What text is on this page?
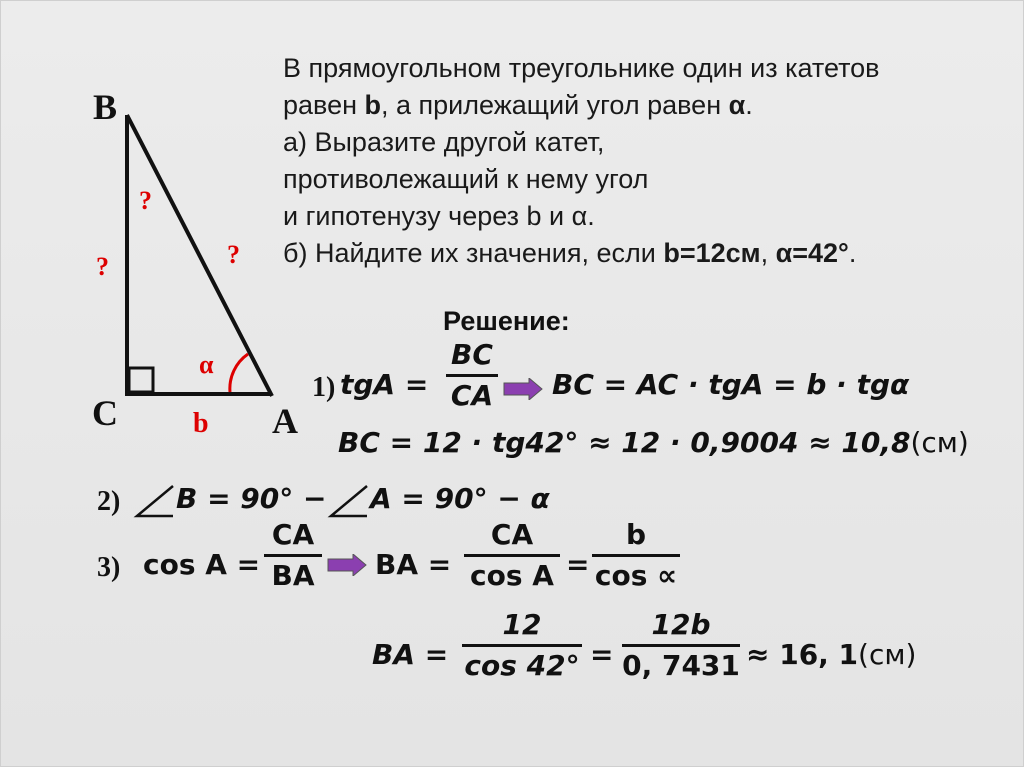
В прямоугольном треугольнике один из катетов
равен b, а прилежащий угол равен α.
а) Выразите другой катет,
противолежащий к нему угол
и гипотенузу через b и α.
б) Найдите их значения, если b=12см, α=42°.
B
C	A
b
α
?
?	?
Решение:
1) tgA =
BC
CA BC = AC · tgA = b · tgα
BC = 12 · tg42° ≈ 12 · 0,9004 ≈ 10,8(см)
2) B = 90° − A = 90° − α
3) cos A =
CA
BA BA =
CA
cos A =
b
cos ∝
BA =
12
cos 42° =
12b
0, 7431 ≈ 16, 1(см)
